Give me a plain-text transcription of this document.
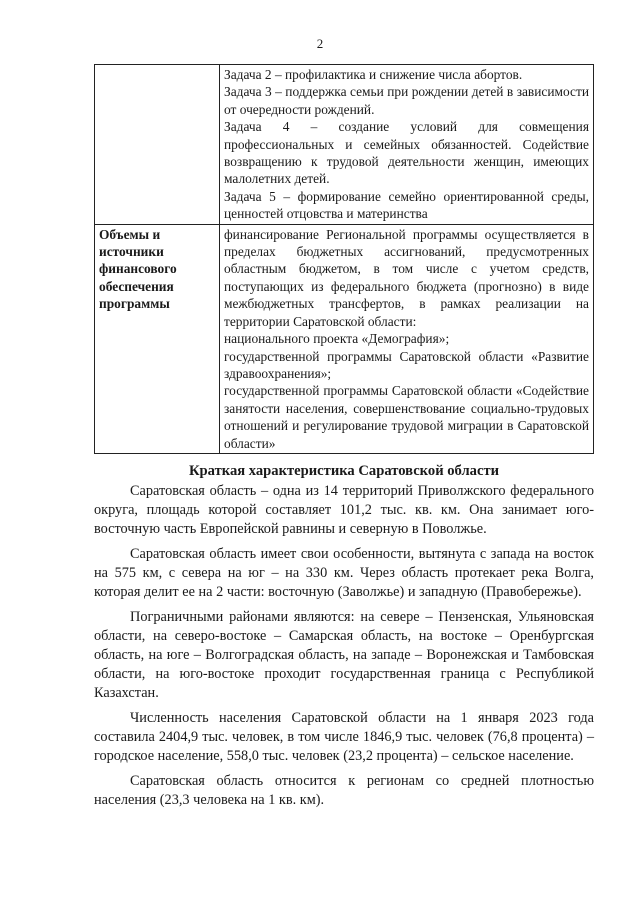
2

	Задача 2 – профилактика и снижение числа абортов.

Задача 3 – поддержка семьи при рождении детей в зависимости от очередности рождений.

Задача 4 – создание условий для совмещения профессиональных и семейных обязанностей. Содействие возвращению к трудовой деятельности женщин, имеющих малолетних детей.

Задача 5 – формирование семейно ориентированной среды, ценностей отцовства и материнства

Объемы и источники финансового обеспечения программы	финансирование Региональной программы осуществляется в пределах бюджетных ассигнований, предусмотренных областным бюджетом, в том числе с учетом средств, поступающих из федерального бюджета (прогнозно) в виде межбюджетных трансфертов, в рамках реализации на территории Саратовской области:

национального проекта «Демография»;

государственной программы Саратовской области «Развитие здравоохранения»;

государственной программы Саратовской области «Содействие занятости населения, совершенствование социально-трудовых отношений и регулирование трудовой миграции в Саратовской области»

Краткая характеристика Саратовской области

Саратовская область – одна из 14 территорий Приволжского федерального округа, площадь которой составляет 101,2 тыс. кв. км. Она занимает юго-восточную часть Европейской равнины и северную в Поволжье.

Саратовская область имеет свои особенности, вытянута с запада на восток на 575 км, с севера на юг – на 330 км. Через область протекает река Волга, которая делит ее на 2 части: восточную (Заволжье) и западную (Правобережье).

Пограничными районами являются: на севере – Пензенская, Ульяновская области, на северо-востоке – Самарская область, на востоке – Оренбургская область, на юге – Волгоградская область, на западе – Воронежская и Тамбовская области, на юго-востоке проходит государственная граница с Республикой Казахстан.

Численность населения Саратовской области на 1 января 2023 года составила 2404,9 тыс. человек, в том числе 1846,9 тыс. человек (76,8 процента) – городское население, 558,0 тыс. человек (23,2 процента) – сельское население.

Саратовская область относится к регионам со средней плотностью населения (23,3 человека на 1 кв. км).
